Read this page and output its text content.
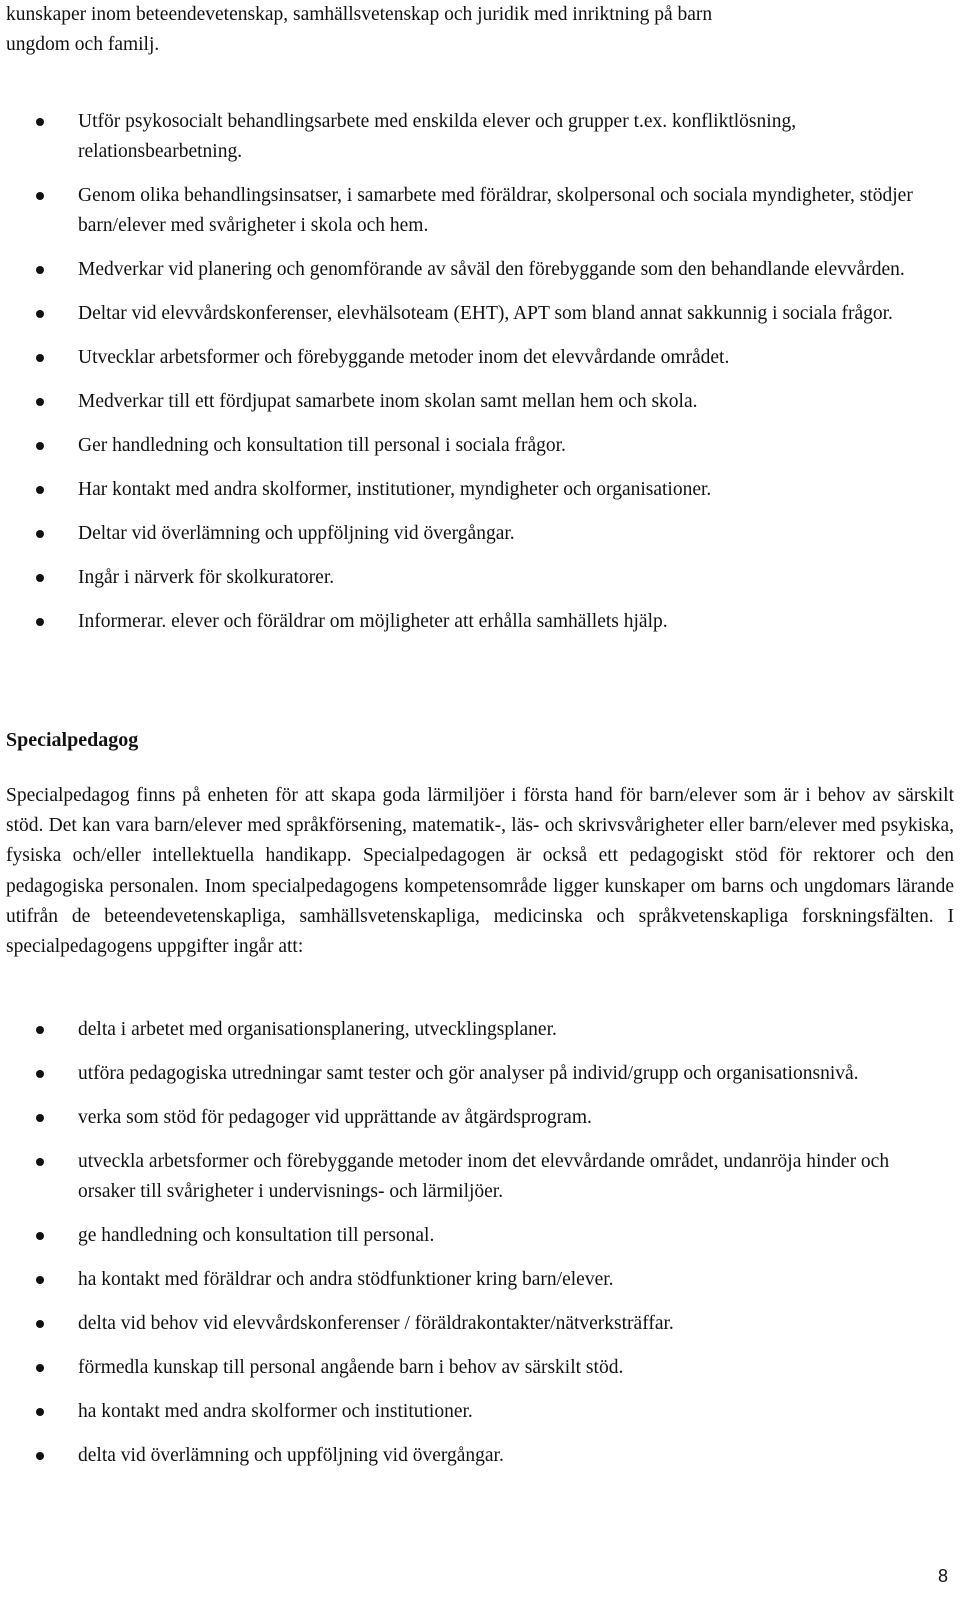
kunskaper inom beteendevetenskap, samhällsvetenskap och juridik med inriktning på barn
ungdom och familj.

Utför psykosocialt behandlingsarbete med enskilda elever och grupper t.ex. konfliktlösning, relationsbearbetning.
Genom olika behandlingsinsatser, i samarbete med föräldrar, skolpersonal och sociala myndigheter, stödjer barn/elever med svårigheter i skola och hem.
Medverkar vid planering och genomförande av såväl den förebyggande som den behandlande elevvården.
Deltar vid elevvårdskonferenser, elevhälsoteam (EHT), APT som bland annat sakkunnig i sociala frågor.
Utvecklar arbetsformer och förebyggande metoder inom det elevvårdande området.
Medverkar till ett fördjupat samarbete inom skolan samt mellan hem och skola.
Ger handledning och konsultation till personal i sociala frågor.
Har kontakt med andra skolformer, institutioner, myndigheter och organisationer.
Deltar vid överlämning och uppföljning vid övergångar.
Ingår i närverk för skolkuratorer.
Informerar. elever och föräldrar om möjligheter att erhålla samhällets hjälp.
Specialpedagog

Specialpedagog finns på enheten för att skapa goda lärmiljöer i första hand för barn/elever som är i behov av särskilt stöd. Det kan vara barn/elever med språkförsening, matematik-, läs- och skrivsvårigheter eller barn/elever med psykiska, fysiska och/eller intellektuella handikapp. Specialpedagogen är också ett pedagogiskt stöd för rektorer och den pedagogiska personalen. Inom specialpedagogens kompetensområde ligger kunskaper om barns och ungdomars lärande utifrån de beteendevetenskapliga, samhällsvetenskapliga, medicinska och språkvetenskapliga forskningsfälten. I specialpedagogens uppgifter ingår att:

delta i arbetet med organisationsplanering, utvecklingsplaner.
utföra pedagogiska utredningar samt tester och gör analyser på individ/grupp och organisationsnivå.
verka som stöd för pedagoger vid upprättande av åtgärdsprogram.
utveckla arbetsformer och förebyggande metoder inom det elevvårdande området, undanröja hinder och orsaker till svårigheter i undervisnings- och lärmiljöer.
ge handledning och konsultation till personal.
ha kontakt med föräldrar och andra stödfunktioner kring barn/elever.
delta vid behov vid elevvårdskonferenser / föräldrakontakter/nätverksträffar.
förmedla kunskap till personal angående barn i behov av särskilt stöd.
ha kontakt med andra skolformer och institutioner.
delta vid överlämning och uppföljning vid övergångar.
8
